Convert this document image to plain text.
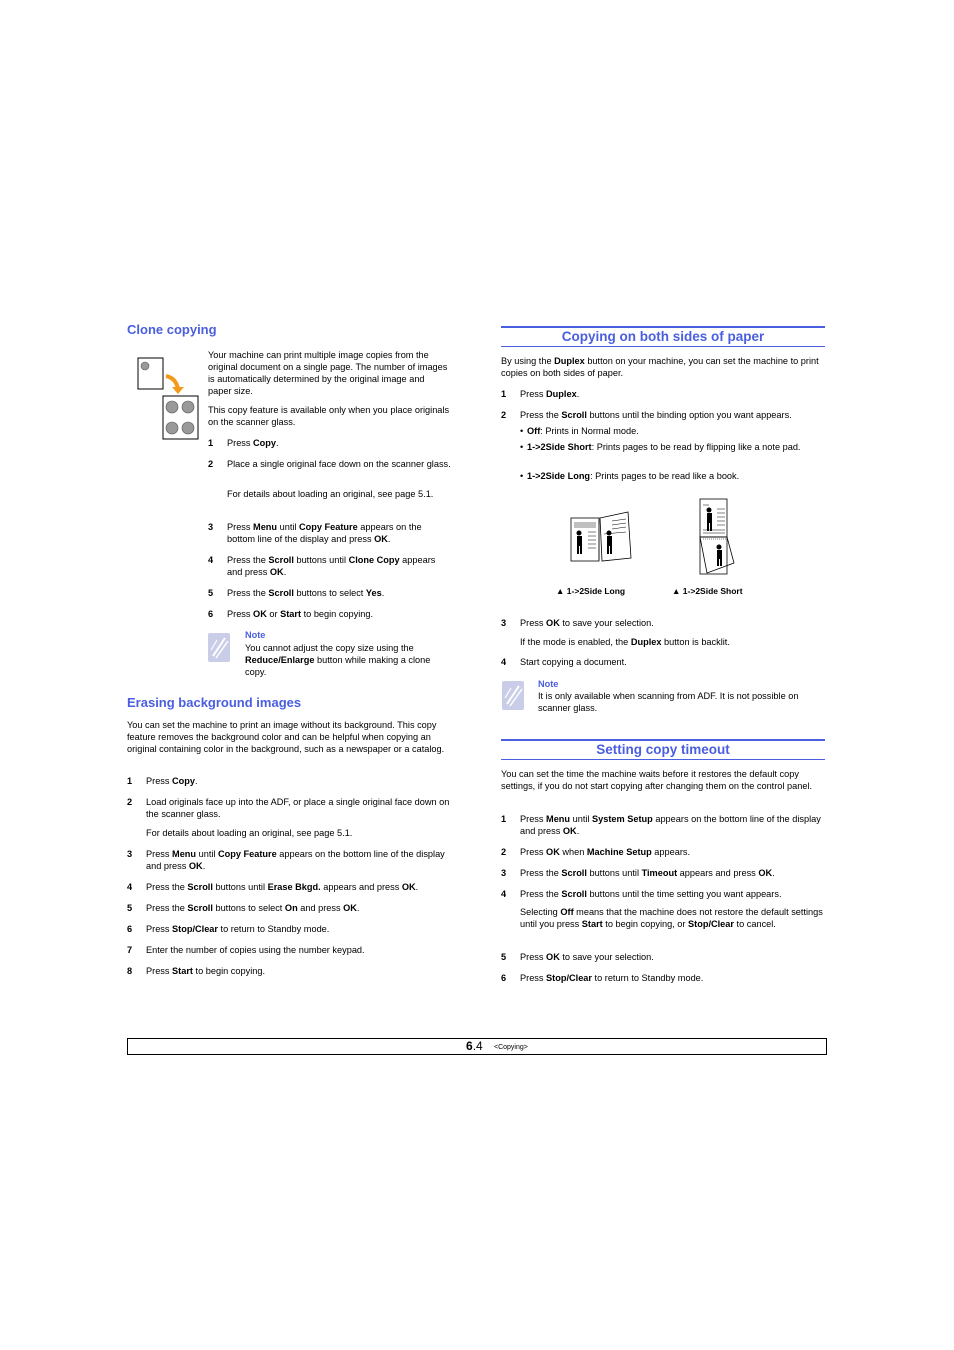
Clone copying
Your machine can print multiple image copies from the original document on a single page. The number of images is automatically determined by the original image and paper size.
This copy feature is available only when you place originals on the scanner glass.
1	Press Copy.
2	Place a single original face down on the scanner glass.
For details about loading an original, see page 5.1.
3	Press Menu until Copy Feature appears on the bottom line of the display and press OK.
4	Press the Scroll buttons until Clone Copy appears and press OK.
5	Press the Scroll buttons to select Yes.
6	Press OK or Start to begin copying.
Note
You cannot adjust the copy size using the Reduce/Enlarge button while making a clone copy.
Erasing background images
You can set the machine to print an image without its background. This copy feature removes the background color and can be helpful when copying an original containing color in the background, such as a newspaper or a catalog.
1	Press Copy.
2	Load originals face up into the ADF, or place a single original face down on the scanner glass.
For details about loading an original, see page 5.1.
3	Press Menu until Copy Feature appears on the bottom line of the display and press OK.
4	Press the Scroll buttons until Erase Bkgd. appears and press OK.
5	Press the Scroll buttons to select On and press OK.
6	Press Stop/Clear to return to Standby mode.
7	Enter the number of copies using the number keypad.
8	Press Start to begin copying.
Copying on both sides of paper
By using the Duplex button on your machine, you can set the machine to print copies on both sides of paper.
1	Press Duplex.
2	Press the Scroll buttons until the binding option you want appears.
• Off: Prints in Normal mode.
• 1->2Side Short: Prints pages to be read by flipping like a note pad.
• 1->2Side Long: Prints pages to be read like a book.
▲ 1->2Side Long	▲ 1->2Side Short
3	Press OK to save your selection.
If the mode is enabled, the Duplex button is backlit.
4	Start copying a document.
Note
It is only available when scanning from ADF. It is not possible on scanner glass.
Setting copy timeout
You can set the time the machine waits before it restores the default copy settings, if you do not start copying after changing them on the control panel.
1	Press Menu until System Setup appears on the bottom line of the display and press OK.
2	Press OK when Machine Setup appears.
3	Press the Scroll buttons until Timeout appears and press OK.
4	Press the Scroll buttons until the time setting you want appears.
Selecting Off means that the machine does not restore the default settings until you press Start to begin copying, or Stop/Clear to cancel.
5	Press OK to save your selection.
6	Press Stop/Clear to return to Standby mode.
6.4 <Copying>
